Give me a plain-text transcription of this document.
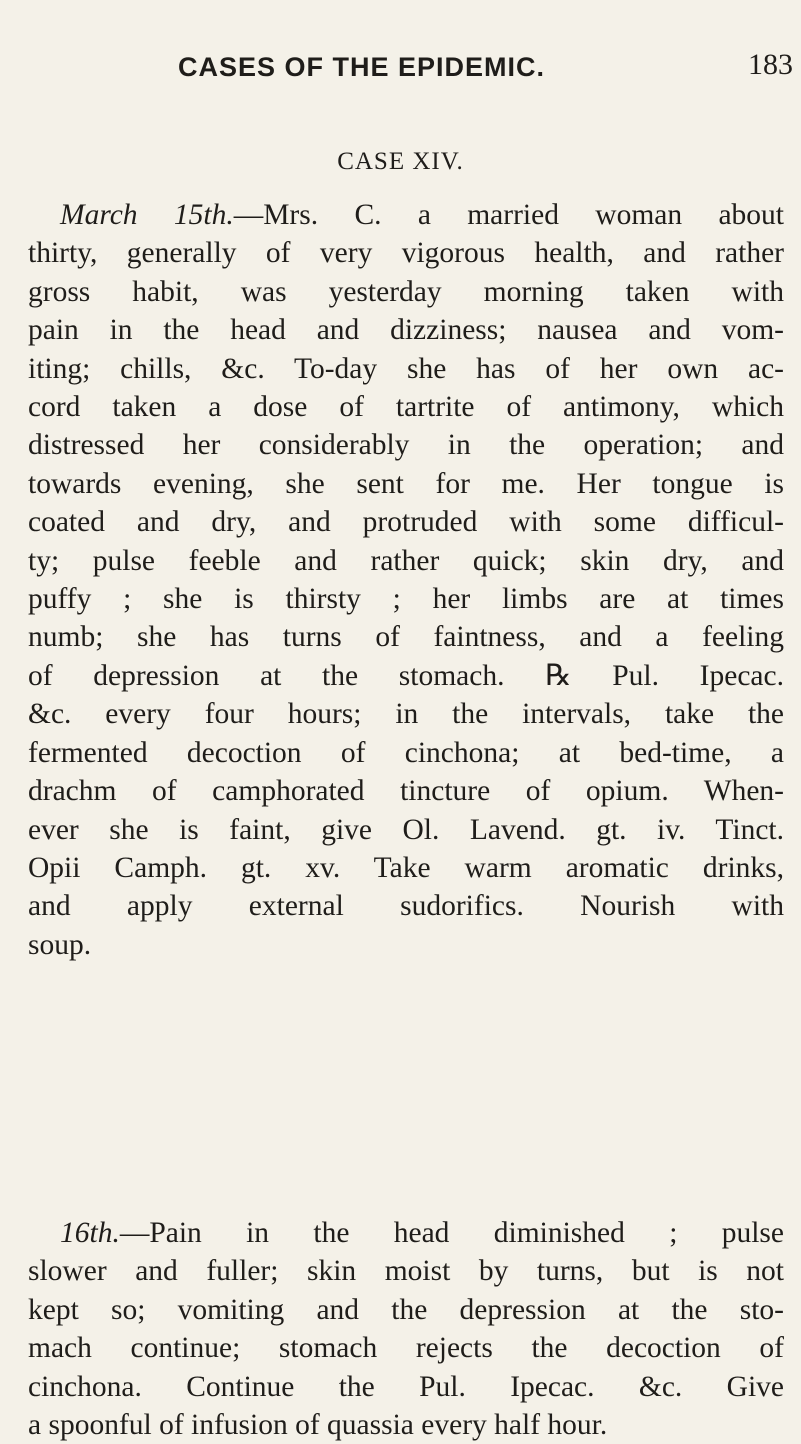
CASES OF THE EPIDEMIC.	183
CASE XIV.
March 15th.—Mrs. C. a married woman about
thirty, generally of very vigorous health, and rather
gross habit, was yesterday morning taken with
pain in the head and dizziness; nausea and vom-
iting; chills, &c. To-day she has of her own ac-
cord taken a dose of tartrite of antimony, which
distressed her considerably in the operation; and
towards evening, she sent for me. Her tongue is
coated and dry, and protruded with some difficul-
ty; pulse feeble and rather quick; skin dry, and
puffy ; she is thirsty ; her limbs are at times
numb; she has turns of faintness, and a feeling
of depression at the stomach. ℞ Pul. Ipecac.
&c. every four hours; in the intervals, take the
fermented decoction of cinchona; at bed-time, a
drachm of camphorated tincture of opium. When-
ever she is faint, give Ol. Lavend. gt. iv. Tinct.
Opii Camph. gt. xv. Take warm aromatic drinks,
and apply external sudorifics. Nourish with
soup.
16th.—Pain in the head diminished ; pulse
slower and fuller; skin moist by turns, but is not
kept so; vomiting and the depression at the sto-
mach continue; stomach rejects the decoction of
cinchona. Continue the Pul. Ipecac. &c. Give
a spoonful of infusion of quassia every half hour.
